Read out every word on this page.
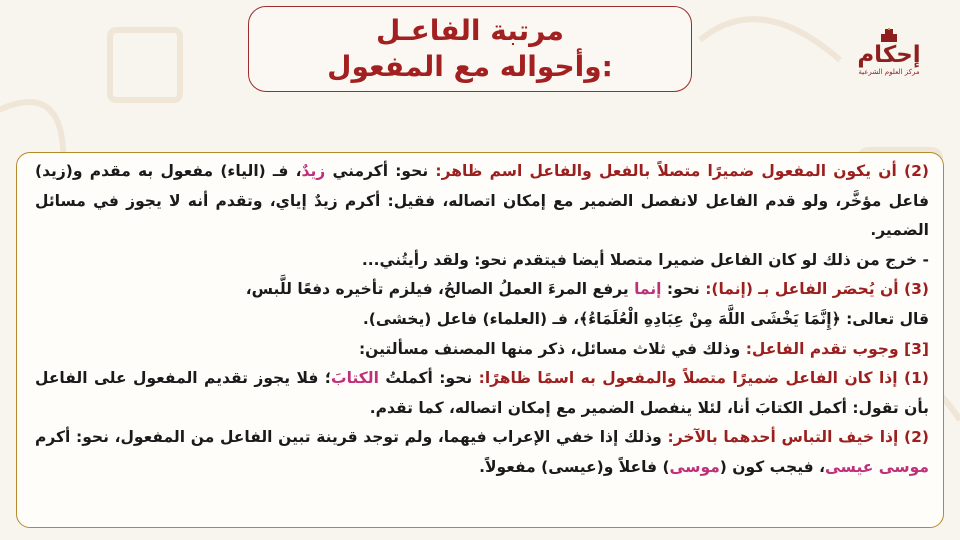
إحكام
مركز العلوم الشرعية
مرتبة الفاعـل
وأحواله مع المفعول:

(2) أن يكون المفعول ضميرًا متصلاً بالفعل والفاعل اسم ظاهر: نحو: أكرمني زيدٌ، فـ (الياء) مفعول به مقدم و(زيد) فاعل مؤخَّر، ولو قدم الفاعل لانفصل الضمير مع إمكان اتصاله، فقيل: أكرم زيدٌ إياي، وتقدم أنه لا يجوز في مسائل الضمير.

- خرج من ذلك لو كان الفاعل ضميرا متصلا أيضا فيتقدم نحو: ولقد رأيتُني...

(3) أن يُحصَر الفاعل بـ (إنما): نحو: إنما يرفع المرءَ العملُ الصالحُ، فيلزم تأخيره دفعًا للَّبس،

قال تعالى: ﴿إِنَّمَا يَخْشَى اللَّهَ مِنْ عِبَادِهِ الْعُلَمَاءُ﴾، فـ (العلماء) فاعل (يخشى).

[3] وجوب تقدم الفاعل: وذلك في ثلاث مسائل، ذكر منها المصنف مسألتين:

(1) إذا كان الفاعل ضميرًا متصلاً والمفعول به اسمًا ظاهرًا: نحو: أكملتُ الكتابَ؛ فلا يجوز تقديم المفعول على الفاعل بأن تقول: أكمل الكتابَ أنا، لئلا ينفصل الضمير مع إمكان اتصاله، كما تقدم.

(2) إذا خيف التباس أحدهما بالآخر: وذلك إذا خفي الإعراب فيهما، ولم توجد قرينة تبين الفاعل من المفعول، نحو: أكرم موسى عيسى، فيجب كون (موسى) فاعلاً و(عيسى) مفعولاً.
